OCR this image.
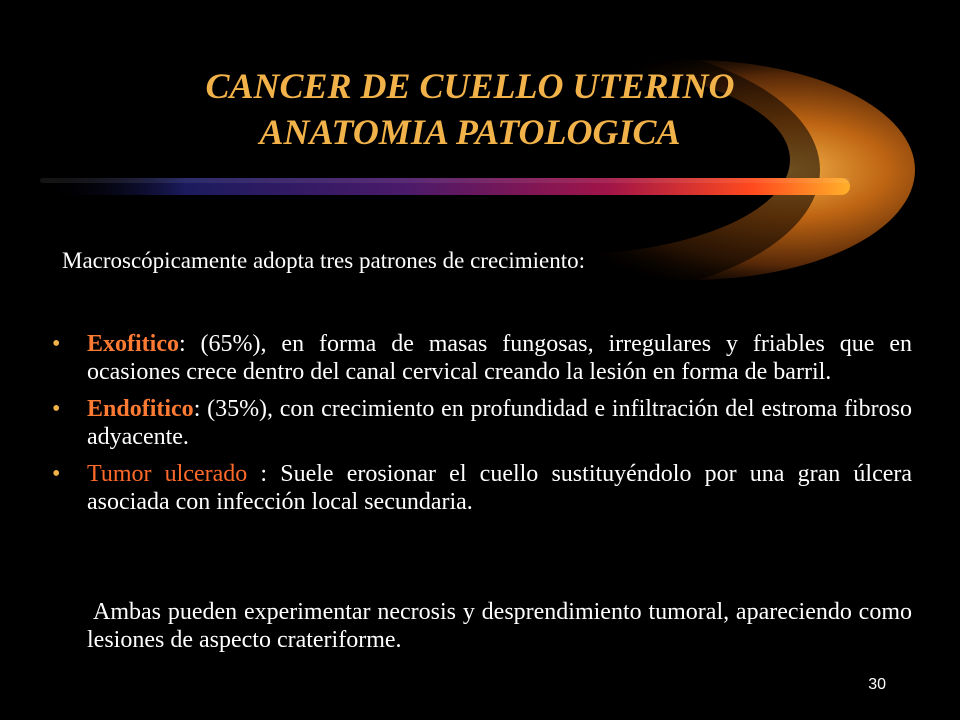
CANCER DE CUELLO UTERINO
ANATOMIA PATOLOGICA
Macroscópicamente adopta tres patrones de crecimiento:
•	Exofitico: (65%), en forma de masas fungosas, irregulares y friables que en ocasiones crece dentro del canal cervical creando la lesión en forma de barril.
•	Endofitico: (35%), con crecimiento en profundidad e infiltración del estroma fibroso adyacente.
•	Tumor ulcerado : Suele erosionar el cuello sustituyéndolo por una gran úlcera asociada con infección local secundaria.
Ambas pueden experimentar necrosis y desprendimiento tumoral, apareciendo como lesiones de aspecto crateriforme.
30
